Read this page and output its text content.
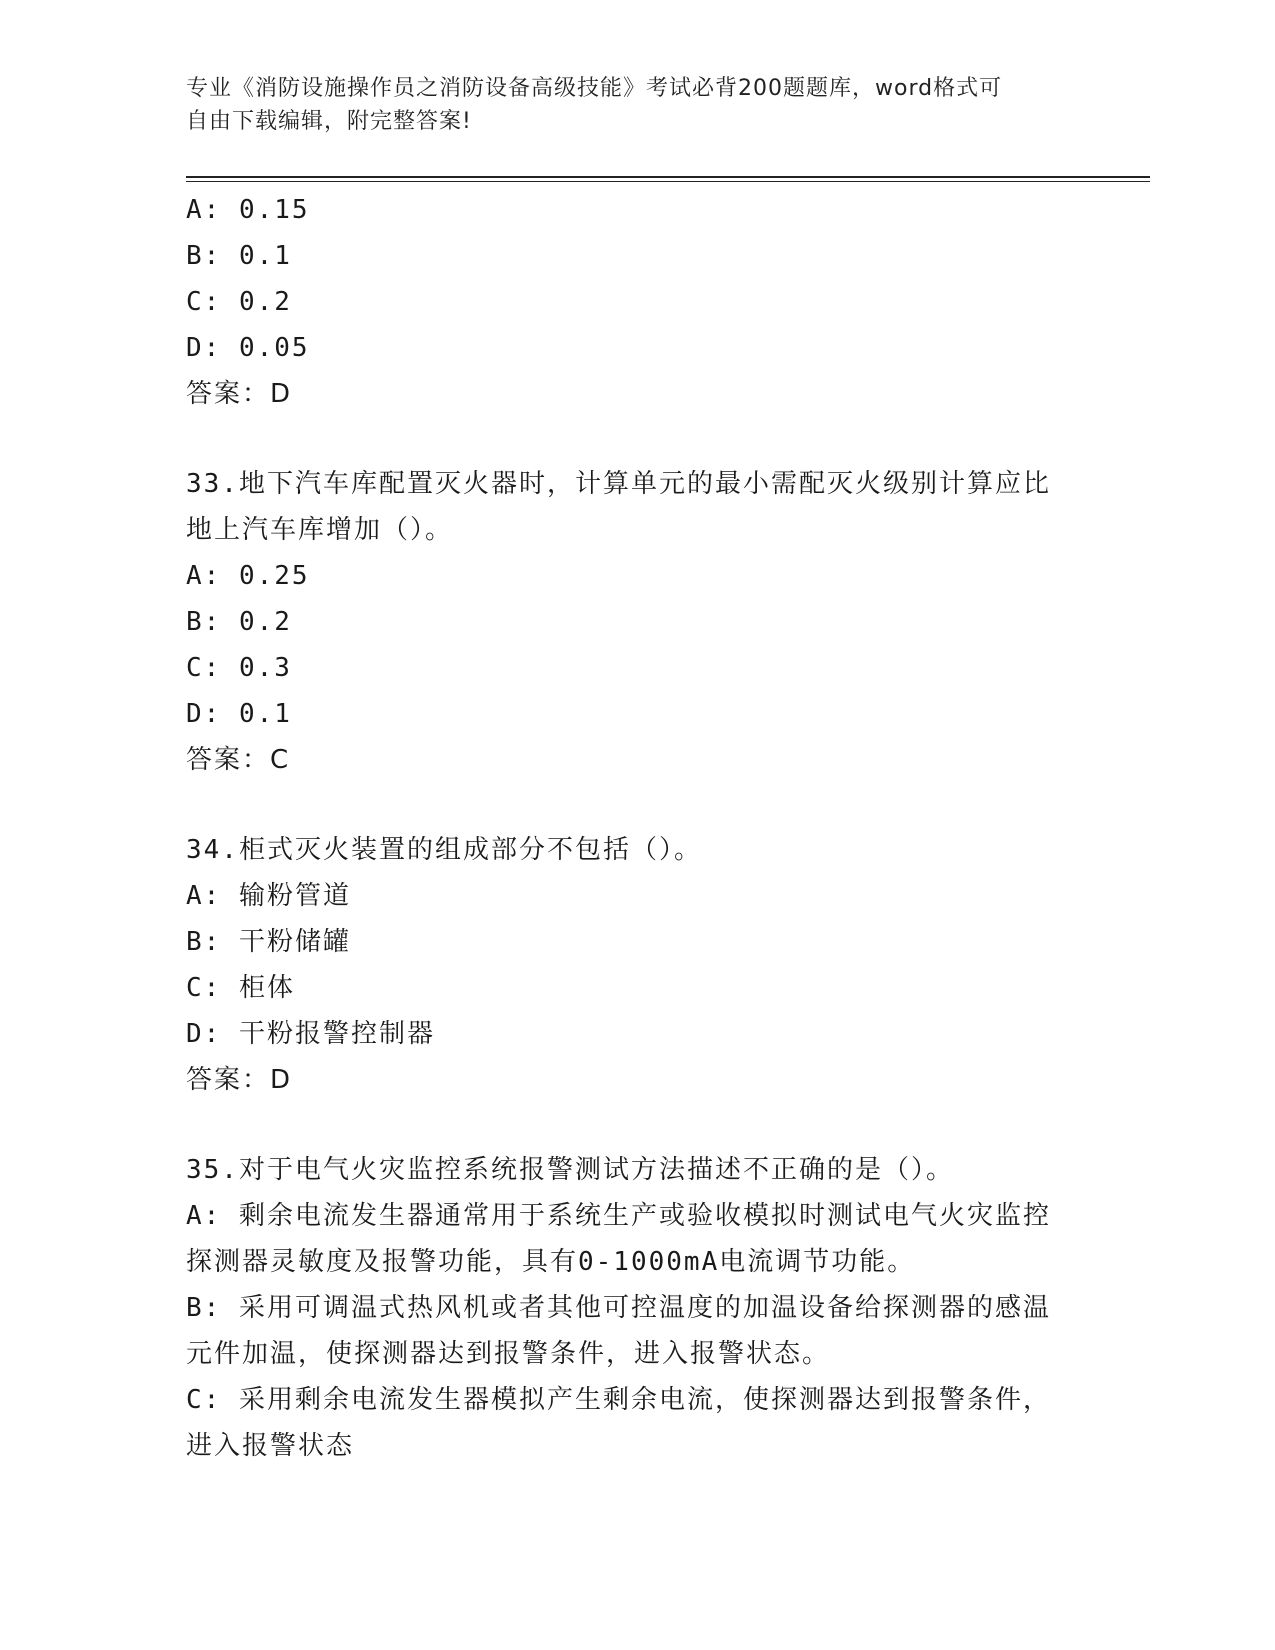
专业《消防设施操作员之消防设备高级技能》考试必背200题题库，word格式可
自由下载编辑，附完整答案!
A: 0.15
B: 0.1
C: 0.2
D: 0.05
答案：D
33.地下汽车库配置灭火器时，计算单元的最小需配灭火级别计算应比
地上汽车库增加（）。
A: 0.25
B: 0.2
C: 0.3
D: 0.1
答案：C
34.柜式灭火装置的组成部分不包括（）。
A: 输粉管道
B: 干粉储罐
C: 柜体
D: 干粉报警控制器
答案：D
35.对于电气火灾监控系统报警测试方法描述不正确的是（）。
A: 剩余电流发生器通常用于系统生产或验收模拟时测试电气火灾监控
探测器灵敏度及报警功能，具有0-1000mA电流调节功能。
B: 采用可调温式热风机或者其他可控温度的加温设备给探测器的感温
元件加温，使探测器达到报警条件，进入报警状态。
C: 采用剩余电流发生器模拟产生剩余电流，使探测器达到报警条件，
进入报警状态
